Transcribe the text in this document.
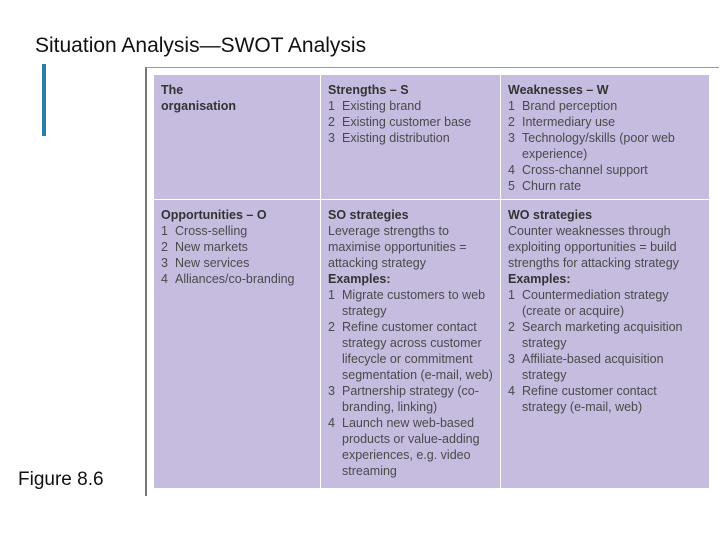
Situation Analysis—SWOT Analysis
Figure 8.6
The
organisation
Strengths – S
1 Existing brand
2 Existing customer base
3 Existing distribution
Weaknesses – W
1 Brand perception
2 Intermediary use
3 Technology/skills (poor web experience)
4 Cross-channel support
5 Churn rate
Opportunities – O
1 Cross-selling
2 New markets
3 New services
4 Alliances/co-branding
SO strategies
Leverage strengths to maximise opportunities = attacking strategy
Examples:
1 Migrate customers to web strategy
2 Refine customer contact strategy across customer lifecycle or commitment segmentation (e-mail, web)
3 Partnership strategy (co-branding, linking)
4 Launch new web-based products or value-adding experiences, e.g. video streaming
WO strategies
Counter weaknesses through exploiting opportunities = build strengths for attacking strategy
Examples:
1 Countermediation strategy (create or acquire)
2 Search marketing acquisition strategy
3 Affiliate-based acquisition strategy
4 Refine customer contact strategy (e-mail, web)
